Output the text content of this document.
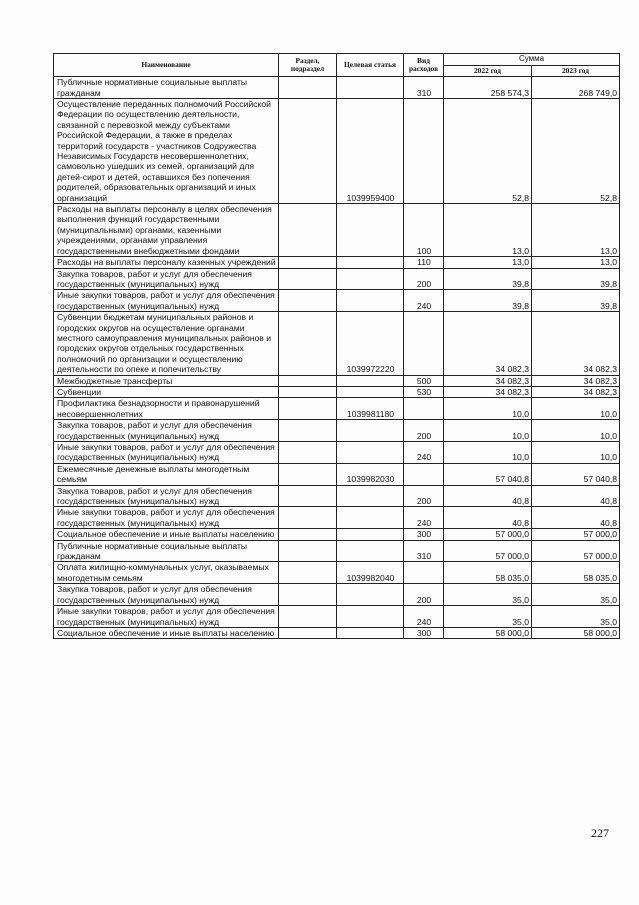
Наименование	Раздел, подраздел	Целевая статья	Вид расходов	Сумма	
				2022 год	2023 год
Публичные нормативные социальные выплаты гражданам			310	258 574,3	268 749,0
Осуществление переданных полномочий Российской Федерации по осуществлению деятельности, связанной с перевозкой между субъектами Российской Федерации, а также в пределах территорий государств - участников Содружества Независимых Государств несовершеннолетних, самовольно ушедших из семей, организаций для детей-сирот и детей, оставшихся без попечения родителей, образовательных организаций и иных организаций		1039959400		52,8	52,8
Расходы на выплаты персоналу в целях обеспечения выполнения функций государственными (муниципальными) органами, казенными учреждениями, органами управления государственными внебюджетными фондами			100	13,0	13,0
Расходы на выплаты персоналу казенных учреждений			110	13,0	13,0
Закупка товаров, работ и услуг для обеспечения государственных (муниципальных) нужд			200	39,8	39,8
Иные закупки товаров, работ и услуг для обеспечения государственных (муниципальных) нужд			240	39,8	39,8
Субвенции бюджетам муниципальных районов и городских округов на осуществление органами местного самоуправления муниципальных районов и городских округов отдельных государственных полномочий по организации и осуществлению деятельности по опеке и попечительству		1039972220		34 082,3	34 082,3
Межбюджетные трансферты			500	34 082,3	34 082,3
Субвенции			530	34 082,3	34 082,3
Профилактика безнадзорности и правонарушений несовершеннолетних		1039981180		10,0	10,0
Закупка товаров, работ и услуг для обеспечения государственных (муниципальных) нужд			200	10,0	10,0
Иные закупки товаров, работ и услуг для обеспечения государственных (муниципальных) нужд			240	10,0	10,0
Ежемесячные денежные выплаты многодетным семьям		1039982030		57 040,8	57 040,8
Закупка товаров, работ и услуг для обеспечения государственных (муниципальных) нужд			200	40,8	40,8
Иные закупки товаров, работ и услуг для обеспечения государственных (муниципальных) нужд			240	40,8	40,8
Социальное обеспечение и иные выплаты населению			300	57 000,0	57 000,0
Публичные нормативные социальные выплаты гражданам			310	57 000,0	57 000,0
Оплата жилищно-коммунальных услуг, оказываемых многодетным семьям		1039982040		58 035,0	58 035,0
Закупка товаров, работ и услуг для обеспечения государственных (муниципальных) нужд			200	35,0	35,0
Иные закупки товаров, работ и услуг для обеспечения государственных (муниципальных) нужд			240	35,0	35,0
Социальное обеспечение и иные выплаты населению			300	58 000,0	58 000,0
227
